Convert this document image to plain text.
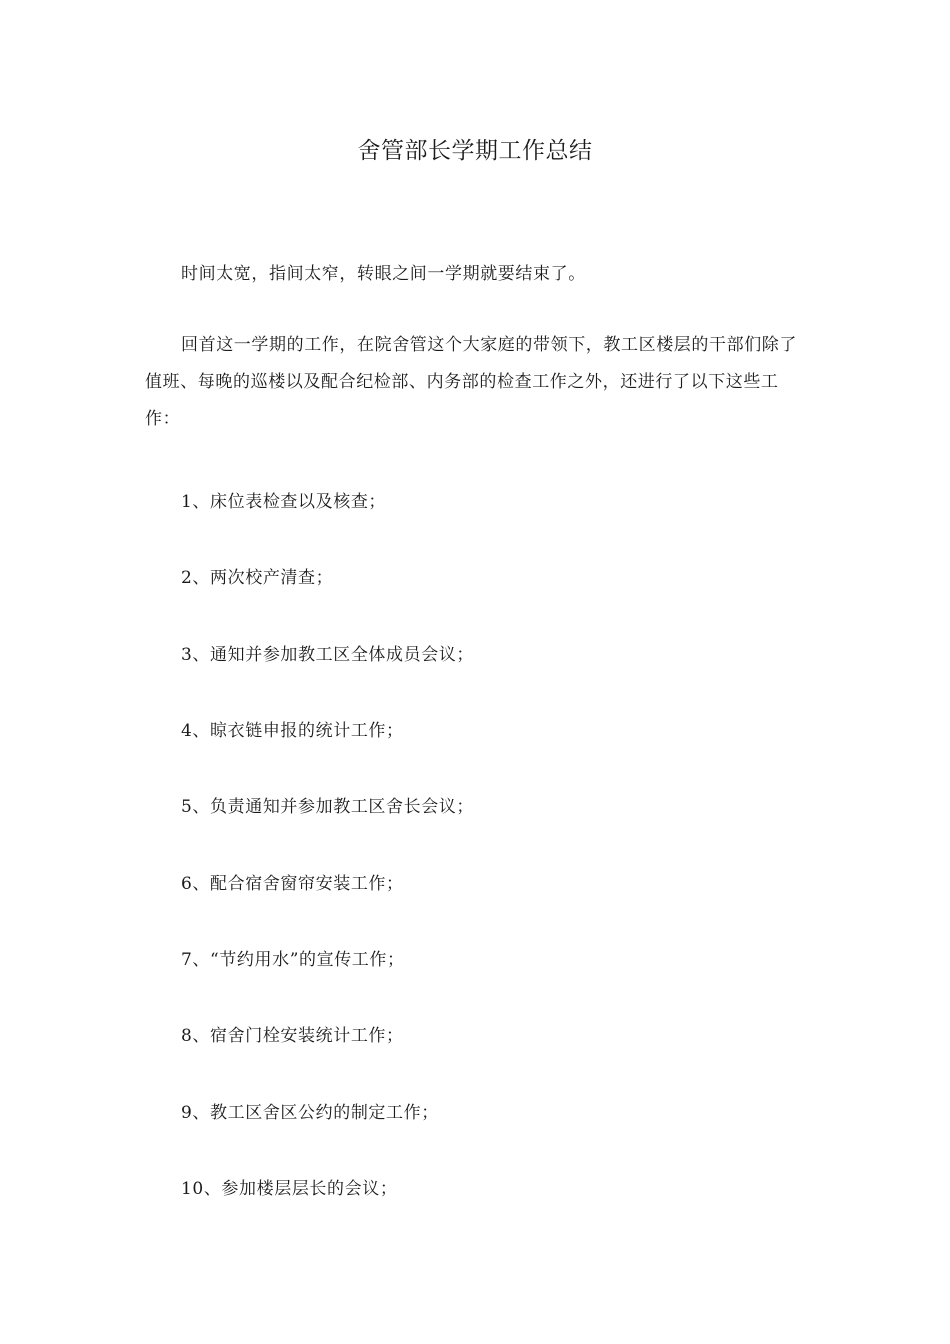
舍管部长学期工作总结
时间太宽，指间太窄，转眼之间一学期就要结束了。
回首这一学期的工作，在院舍管这个大家庭的带领下，教工区楼层的干部们除了值班、每晚的巡楼以及配合纪检部、内务部的检查工作之外，还进行了以下这些工作：
1、床位表检查以及核查；
2、两次校产清查；
3、通知并参加教工区全体成员会议；
4、晾衣链申报的统计工作；
5、负责通知并参加教工区舍长会议；
6、配合宿舍窗帘安装工作；
7、“节约用水”的宣传工作；
8、宿舍门栓安装统计工作；
9、教工区舍区公约的制定工作；
10、参加楼层层长的会议；
